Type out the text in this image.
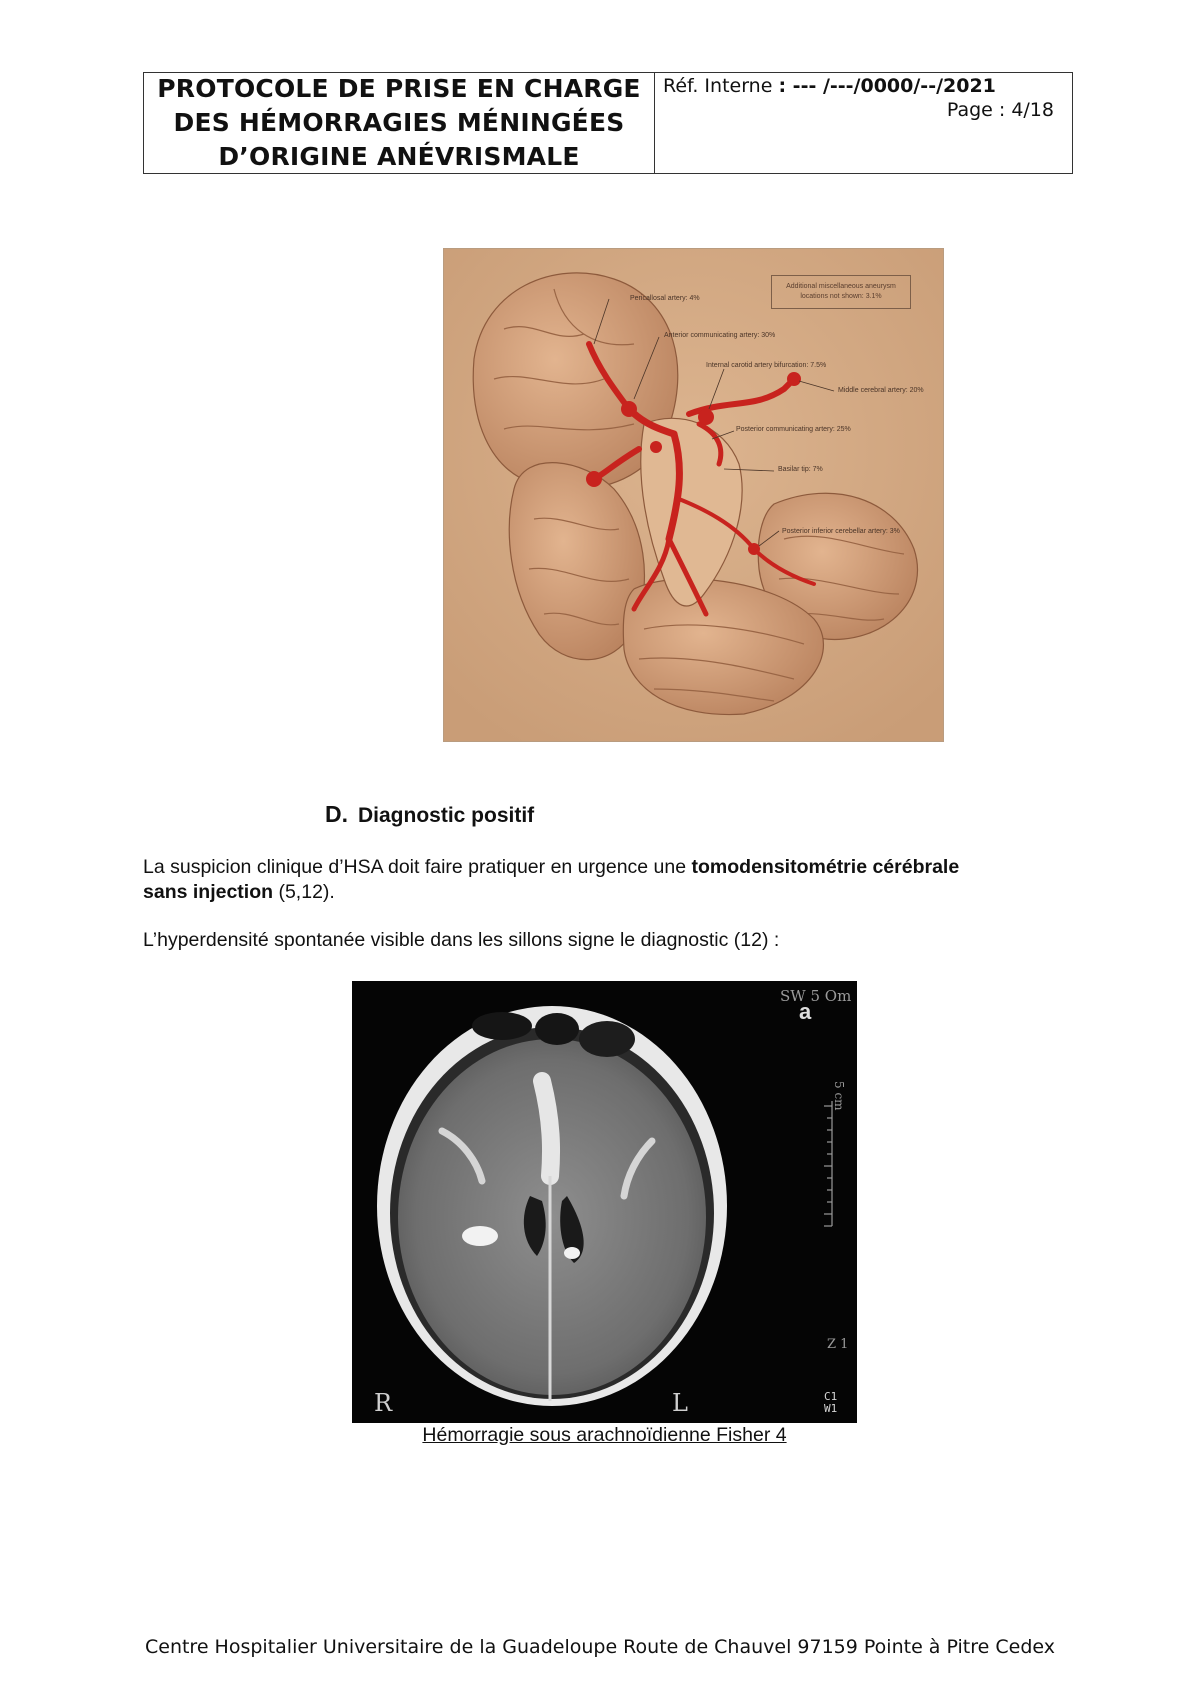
PROTOCOLE DE PRISE EN CHARGE
DES HÉMORRAGIES MÉNINGÉES
D’ORIGINE ANÉVRISMALE
Réf. Interne : --- /---/0000/--/2021
Page : 4/18
Additional miscellaneous aneurysm locations not shown: 3.1%
Pericallosal artery: 4%
Anterior communicating artery: 30%
Internal carotid artery bifurcation: 7.5%
Middle cerebral artery: 20%
Posterior communicating artery: 25%
Basilar tip: 7%
Posterior inferior cerebellar artery: 3%
D. Diagnostic positif
La suspicion clinique d’HSA doit faire pratiquer en urgence une tomodensitométrie cérébrale sans injection (5,12).
L’hyperdensité spontanée visible dans les sillons signe le diagnostic (12) :
SW 5 Om
a
5 cm
Z 1
R	L	C1
W1
Hémorragie sous arachnoïdienne Fisher 4
Centre Hospitalier Universitaire de la Guadeloupe Route de Chauvel 97159 Pointe à Pitre Cedex
